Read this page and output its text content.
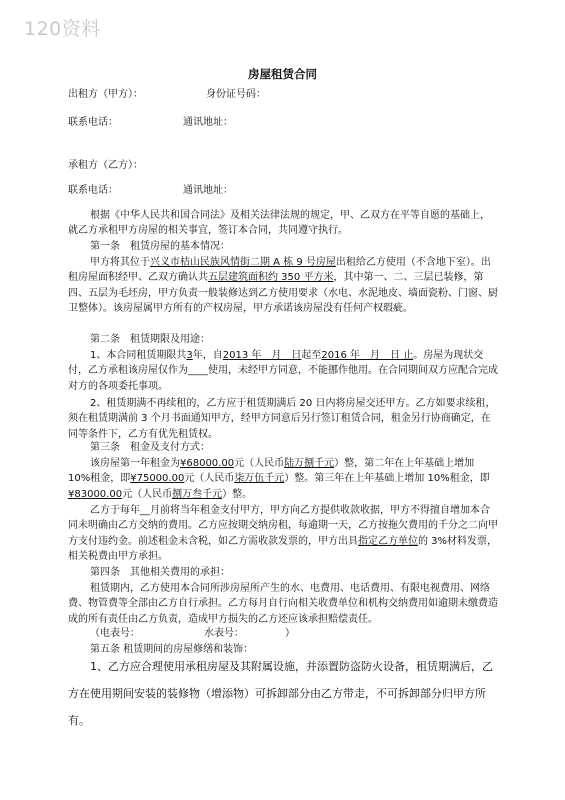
120资料
房屋租赁合同
出租方（甲方）：	身份证号码：
联系电话：	通讯地址：
承租方（乙方）：
联系电话：	通讯地址：
根据《中华人民共和国合同法》及相关法律法规的规定，甲、乙双方在平等自愿的基础上，就乙方承租甲方房屋的相关事宜，签订本合同，共同遵守执行。
第一条　租赁房屋的基本情况：
甲方将其位于兴义市桔山民族风情街二期 A 栋 9 号房屋出租给乙方使用（不含地下室）。出租房屋面积经甲、乙双方确认共五层建筑面积约 350 平方米，其中第一、二、三层已装修，第四、五层为毛坯房，甲方负责一般装修达到乙方使用要求（水电、水泥地皮、墙面瓷粉、门窗、厨卫整体）。该房屋属甲方所有的产权房屋，甲方承诺该房屋没有任何产权瑕疵。
第二条　租赁期限及用途：
1、本合同租赁期限共3年，自2013 年　月　日起至2016 年　月　日 止。房屋为现状交付，乙方承租该房屋仅作为____使用，未经甲方同意，不能挪作他用。在合同期间双方应配合完成对方的各项委托事项。
2、租赁期满不再续租的，乙方应于租赁期满后 20 日内将房屋交还甲方。乙方如要求续租，须在租赁期满前 3 个月书面通知甲方，经甲方同意后另行签订租赁合同，租金另行协商确定，在同等条件下，乙方有优先租赁权。
第三条　租金及支付方式：
该房屋第一年租金为¥68000.00元（人民币陆万捌千元）整，第二年在上年基础上增加 10%租金，即¥75000.00元（人民币柒万伍千元）整。第三年在上年基础上增加 10%租金，即¥83000.00元（人民币捌万叁千元）整。
乙方于每年__月前将当年租金支付甲方，甲方向乙方提供收款收据，甲方不得擅自增加本合同未明确由乙方交纳的费用。乙方应按期交纳房租，每逾期一天，乙方按拖欠费用的千分之二向甲方支付违约金。前述租金未含税，如乙方需收款发票的，甲方出具指定乙方单位的 3%材料发票，相关税费由甲方承担。
第四条　其他相关费用的承担：
租赁期内，乙方使用本合同所涉房屋所产生的水、电费用、电话费用、有限电视费用、网络费、物管费等全部由乙方自行承担。乙方每月自行向相关收费单位和机构交纳费用如逾期未缴费造成的所有责任由乙方负责，造成甲方损失的乙方还应该承担赔偿责任。
（电表号：	水表号：	）
第五条 租赁期间的房屋修缮和装饰：
1、乙方应合理使用承租房屋及其附属设施，并添置防盗防火设备，租赁期满后，乙方在使用期间安装的装修物（增添物）可拆卸部分由乙方带走，不可拆卸部分归甲方所有。
